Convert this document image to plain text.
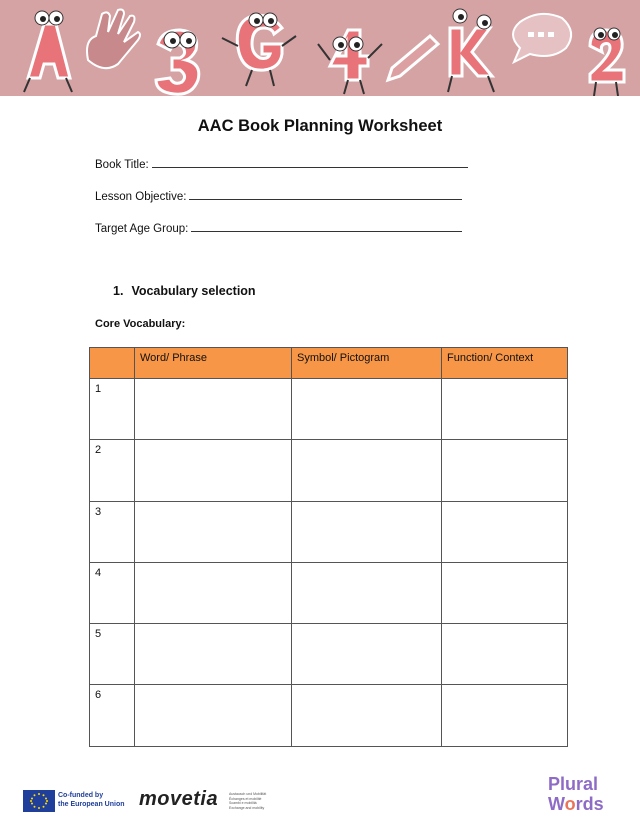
AAC Book Planning Worksheet
Book Title:
Lesson Objective:
Target Age Group:
1. Vocabulary selection
Core Vocabulary:
	Word/ Phrase	Symbol/ Pictogram	Function/ Context
1			
2			
3			
4			
5			
6			
Co-funded by
the European Union movetia	Austausch und Mobilität Échanges et mobilité Scambi e mobilità Exchange and mobility
Plural
Words
